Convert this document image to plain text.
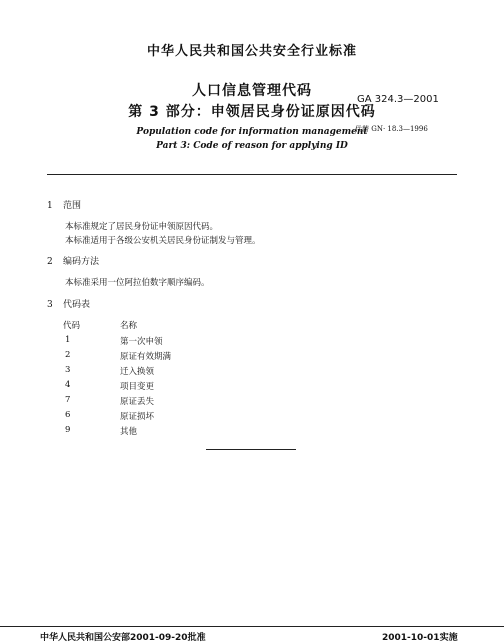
中华人民共和国公共安全行业标准
人口信息管理代码
第 3 部分：申领居民身份证原因代码
GA 324.3—2001
代替 GN· 18.3—1996
Population code for information management
Part 3: Code of reason for applying ID
1 范围
本标准规定了居民身份证申领原因代码。
本标准适用于各级公安机关居民身份证制发与管理。
2 编码方法
本标准采用一位阿拉伯数字顺序编码。
3 代码表
代码	名称
1	第一次申领
2	原证有效期满
3	迁入换领
4	项目变更
7	原证丢失
6	原证损坏
9	其他
中华人民共和国公安部2001-09-20批准	2001-10-01实施
